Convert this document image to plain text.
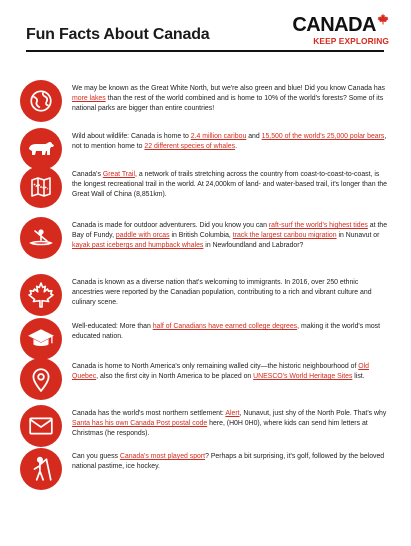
Fun Facts About Canada	CANADA
KEEP EXPLORING
We may be known as the Great White North, but we're also green and blue! Did you know Canada has more lakes than the rest of the world combined and is home to 10% of the world's forests? Some of its national parks are bigger than entire countries!
Wild about wildlife: Canada is home to 2.4 million caribou and 15,500 of the world's 25,000 polar bears, not to mention home to 22 different species of whales.
Canada's Great Trail, a network of trails stretching across the country from coast-to-coast-to-coast, is the longest recreational trail in the world. At 24,000km of land- and water-based trail, it's longer than the Great Wall of China (8,851km).
Canada is made for outdoor adventurers. Did you know you can raft-surf the world's highest tides at the Bay of Fundy, paddle with orcas in British Columbia, track the largest caribou migration in Nunavut or kayak past icebergs and humpback whales in Newfoundland and Labrador?
Canada is known as a diverse nation that's welcoming to immigrants. In 2016, over 250 ethnic ancestries were reported by the Canadian population, contributing to a rich and vibrant culture and culinary scene.
Well-educated: More than half of Canadians have earned college degrees, making it the world's most educated nation.
Canada is home to North America's only remaining walled city—the historic neighbourhood of Old Quebec, also the first city in North America to be placed on UNESCO's World Heritage Sites list.
Canada has the world's most northern settlement: Alert, Nunavut, just shy of the North Pole. That's why Santa has his own Canada Post postal code here, (H0H 0H0), where kids can send him letters at Christmas (he responds).
Can you guess Canada's most played sport? Perhaps a bit surprising, it's golf, followed by the beloved national pastime, ice hockey.
